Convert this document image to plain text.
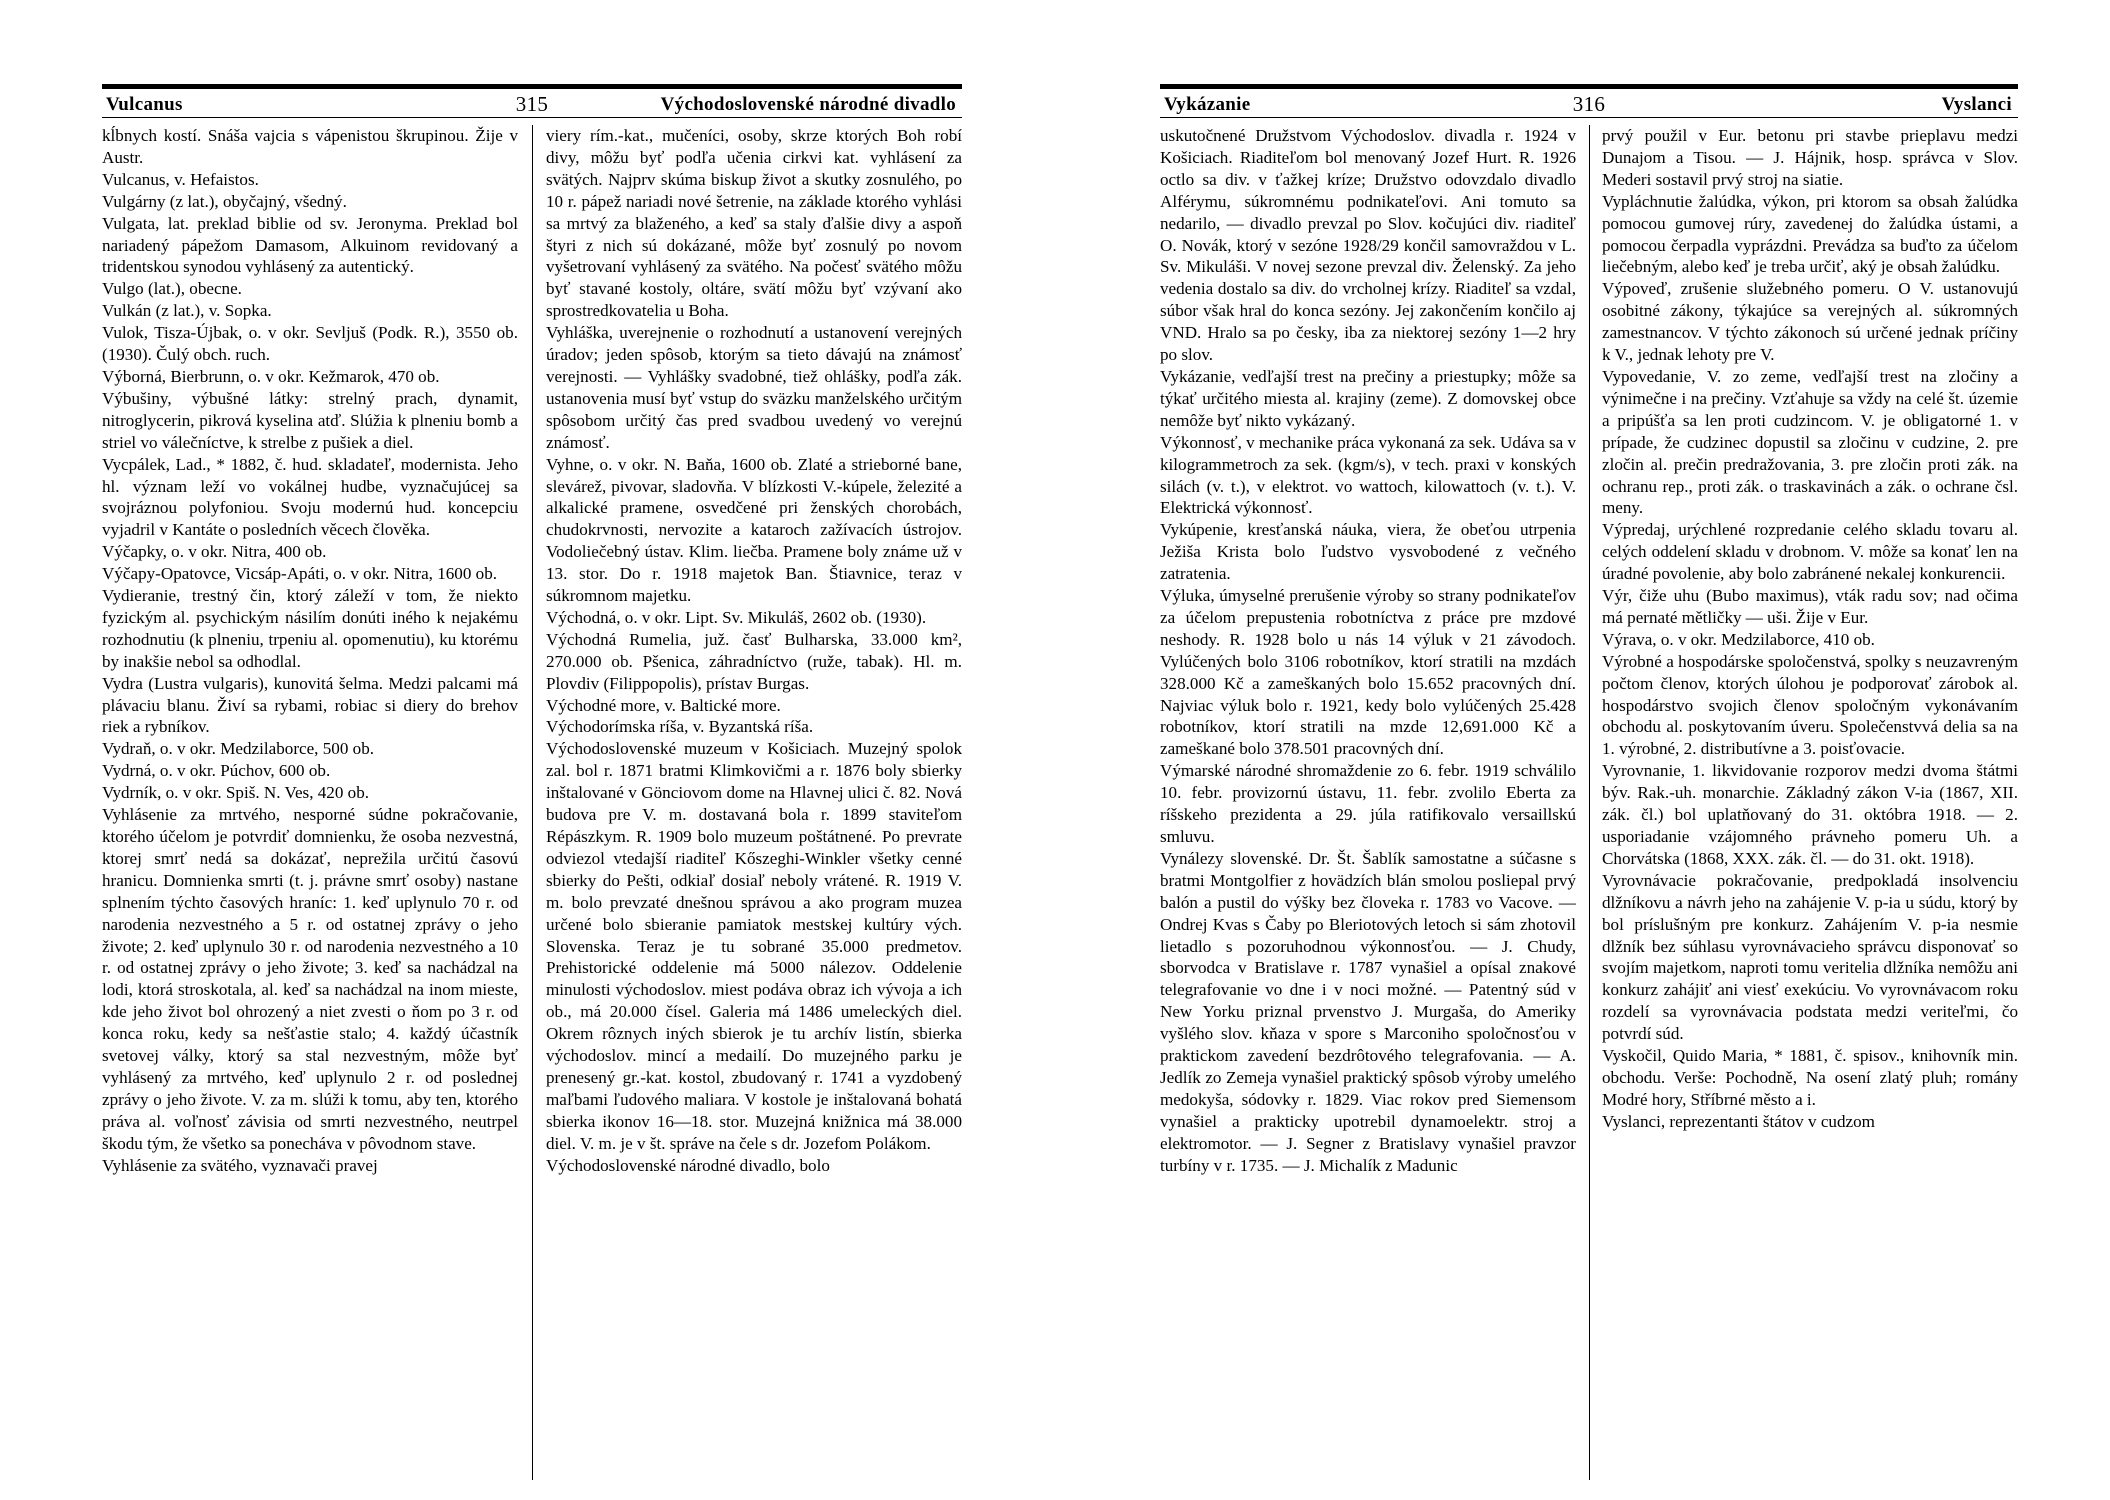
Vulcanus	315	Východoslovenské národné divadlo

kĺbnych kostí. Snáša vajcia s vápenistou škrupinou. Žije v Austr.

Vulcanus, v. Hefaistos.

Vulgárny (z lat.), obyčajný, všedný.

Vulgata, lat. preklad biblie od sv. Jeronyma. Preklad bol nariadený pápežom Damasom, Alkuinom revidovaný a tridentskou synodou vyhlásený za autentický.

Vulgo (lat.), obecne.

Vulkán (z lat.), v. Sopka.

Vulok, Tisza-Újbak, o. v okr. Sevljuš (Podk. R.), 3550 ob. (1930). Čulý obch. ruch.

Výborná, Bierbrunn, o. v okr. Kežmarok, 470 ob.

Výbušiny, výbušné látky: strelný prach, dynamit, nitroglycerin, pikrová kyselina atď. Slúžia k plneniu bomb a striel vo válečníctve, k strelbe z pušiek a diel.

Vycpálek, Lad., * 1882, č. hud. skladateľ, modernista. Jeho hl. význam leží vo vokálnej hudbe, vyznačujúcej sa svojráznou polyfoniou. Svoju modernú hud. koncepciu vyjadril v Kantáte o posledních věcech člověka.

Výčapky, o. v okr. Nitra, 400 ob.

Výčapy-Opatovce, Vicsáp-Apáti, o. v okr. Nitra, 1600 ob.

Vydieranie, trestný čin, ktorý záleží v tom, že niekto fyzickým al. psychickým násilím donúti iného k nejakému rozhodnutiu (k plneniu, trpeniu al. opomenutiu), ku ktorému by inakšie nebol sa odhodlal.

Vydra (Lustra vulgaris), kunovitá šelma. Medzi palcami má plávaciu blanu. Živí sa rybami, robiac si diery do brehov riek a rybníkov.

Vydraň, o. v okr. Medzilaborce, 500 ob.

Vydrná, o. v okr. Púchov, 600 ob.

Vydrník, o. v okr. Spiš. N. Ves, 420 ob.

Vyhlásenie za mrtvého, nesporné súdne pokračovanie, ktorého účelom je potvrdiť domnienku, že osoba nezvestná, ktorej smrť nedá sa dokázať, neprežila určitú časovú hranicu. Domnienka smrti (t. j. právne smrť osoby) nastane splnením týchto časových hraníc: 1. keď uplynulo 70 r. od narodenia nezvestného a 5 r. od ostatnej zprávy o jeho živote; 2. keď uplynulo 30 r. od narodenia nezvestného a 10 r. od ostatnej zprávy o jeho živote; 3. keď sa nachádzal na lodi, ktorá stroskotala, al. keď sa nachádzal na inom mieste, kde jeho život bol ohrozený a niet zvesti o ňom po 3 r. od konca roku, kedy sa nešťastie stalo; 4. každý účastník svetovej války, ktorý sa stal nezvestným, môže byť vyhlásený za mrtvého, keď uplynulo 2 r. od poslednej zprávy o jeho živote. V. za m. slúži k tomu, aby ten, ktorého práva al. voľnosť závisia od smrti nezvestného, neutrpel škodu tým, že všetko sa ponecháva v pôvodnom stave.

Vyhlásenie za svätého, vyznavači pravej

viery rím.-kat., mučeníci, osoby, skrze ktorých Boh robí divy, môžu byť podľa učenia cirkvi kat. vyhlásení za svätých. Najprv skúma biskup život a skutky zosnulého, po 10 r. pápež nariadi nové šetrenie, na základe ktorého vyhlási sa mrtvý za blaženého, a keď sa staly ďalšie divy a aspoň štyri z nich sú dokázané, môže byť zosnulý po novom vyšetrovaní vyhlásený za svätého. Na počesť svätého môžu byť stavané kostoly, oltáre, svätí môžu byť vzývaní ako sprostredkovatelia u Boha.

Vyhláška, uverejnenie o rozhodnutí a ustanovení verejných úradov; jeden spôsob, ktorým sa tieto dávajú na známosť verejnosti. — Vyhlášky svadobné, tiež ohlášky, podľa zák. ustanovenia musí byť vstup do sväzku manželského určitým spôsobom určitý čas pred svadbou uvedený vo verejnú známosť.

Vyhne, o. v okr. N. Baňa, 1600 ob. Zlaté a strieborné bane, slevárež, pivovar, sladovňa. V blízkosti V.-kúpele, železité a alkalické pramene, osvedčené pri ženských chorobách, chudokrvnosti, nervozite a kataroch zažívacích ústrojov. Vodoliečebný ústav. Klim. liečba. Pramene boly známe už v 13. stor. Do r. 1918 majetok Ban. Štiavnice, teraz v súkromnom majetku.

Východná, o. v okr. Lipt. Sv. Mikuláš, 2602 ob. (1930).

Východná Rumelia, juž. časť Bulharska, 33.000 km², 270.000 ob. Pšenica, záhradníctvo (ruže, tabak). Hl. m. Plovdiv (Filippopolis), prístav Burgas.

Východné more, v. Baltické more.

Východorímska ríša, v. Byzantská ríša.

Východoslovenské muzeum v Košiciach. Muzejný spolok zal. bol r. 1871 bratmi Klimkovičmi a r. 1876 boly sbierky inštalované v Gönciovom dome na Hlavnej ulici č. 82. Nová budova pre V. m. dostavaná bola r. 1899 staviteľom Répászkym. R. 1909 bolo muzeum poštátnené. Po prevrate odviezol vtedajší riaditeľ Kőszeghi-Winkler všetky cenné sbierky do Pešti, odkiaľ dosiaľ neboly vrátené. R. 1919 V. m. bolo prevzaté dnešnou správou a ako program muzea určené bolo sbieranie pamiatok mestskej kultúry vých. Slovenska. Teraz je tu sobrané 35.000 predmetov. Prehistorické oddelenie má 5000 nálezov. Oddelenie minulosti východoslov. miest podáva obraz ich vývoja a ich ob., má 20.000 čísel. Galeria má 1486 umeleckých diel. Okrem rôznych iných sbierok je tu archív listín, sbierka východoslov. mincí a medailí. Do muzejného parku je prenesený gr.-kat. kostol, zbudovaný r. 1741 a vyzdobený maľbami ľudového maliara. V kostole je inštalovaná bohatá sbierka ikonov 16—18. stor. Muzejná knižnica má 38.000 diel. V. m. je v št. správe na čele s dr. Jozefom Polákom.

Východoslovenské národné divadlo, bolo

Vykázanie	316	Vyslanci

uskutočnené Družstvom Východoslov. divadla r. 1924 v Košiciach. Riaditeľom bol menovaný Jozef Hurt. R. 1926 octlo sa div. v ťažkej kríze; Družstvo odovzdalo divadlo Alférymu, súkromnému podnikateľovi. Ani tomuto sa nedarilo, — divadlo prevzal po Slov. kočujúci div. riaditeľ O. Novák, ktorý v sezóne 1928/29 končil samovraždou v L. Sv. Mikuláši. V novej sezone prevzal div. Želenský. Za jeho vedenia dostalo sa div. do vrcholnej krízy. Riaditeľ sa vzdal, súbor však hral do konca sezóny. Jej zakončením končilo aj VND. Hralo sa po česky, iba za niektorej sezóny 1—2 hry po slov.

Vykázanie, vedľajší trest na prečiny a priestupky; môže sa týkať určitého miesta al. krajiny (zeme). Z domovskej obce nemôže byť nikto vykázaný.

Výkonnosť, v mechanike práca vykonaná za sek. Udáva sa v kilogrammetroch za sek. (kgm/s), v tech. praxi v konských silách (v. t.), v elektrot. vo wattoch, kilowattoch (v. t.). V. Elektrická výkonnosť.

Vykúpenie, kresťanská náuka, viera, že obeťou utrpenia Ježiša Krista bolo ľudstvo vysvobodené z večného zatratenia.

Výluka, úmyselné prerušenie výroby so strany podnikateľov za účelom prepustenia robotníctva z práce pre mzdové neshody. R. 1928 bolo u nás 14 výluk v 21 závodoch. Vylúčených bolo 3106 robotníkov, ktorí stratili na mzdách 328.000 Kč a zameškaných bolo 15.652 pracovných dní. Najviac výluk bolo r. 1921, kedy bolo vylúčených 25.428 robotníkov, ktorí stratili na mzde 12,691.000 Kč a zameškané bolo 378.501 pracovných dní.

Výmarské národné shromaždenie zo 6. febr. 1919 schválilo 10. febr. provizornú ústavu, 11. febr. zvolilo Eberta za ríšskeho prezidenta a 29. júla ratifikovalo versaillskú smluvu.

Vynálezy slovenské. Dr. Št. Šablík samostatne a súčasne s bratmi Montgolfier z hovädzích blán smolou posliepal prvý balón a pustil do výšky bez človeka r. 1783 vo Vacove. — Ondrej Kvas s Čaby po Bleriotových letoch si sám zhotovil lietadlo s pozoruhodnou výkonnosťou. — J. Chudy, sborvodca v Bratislave r. 1787 vynašiel a opísal znakové telegrafovanie vo dne i v noci možné. — Patentný súd v New Yorku priznal prvenstvo J. Murgaša, do Ameriky vyšlého slov. kňaza v spore s Marconiho spoločnosťou v praktickom zavedení bezdrôtového telegrafovania. — A. Jedlík zo Zemeja vynašiel praktický spôsob výroby umelého medokyša, sódovky r. 1829. Viac rokov pred Siemensom vynašiel a prakticky upotrebil dynamoelektr. stroj a elektromotor. — J. Segner z Bratislavy vynašiel pravzor turbíny v r. 1735. — J. Michalík z Madunic

prvý použil v Eur. betonu pri stavbe prieplavu medzi Dunajom a Tisou. — J. Hájnik, hosp. správca v Slov. Mederi sostavil prvý stroj na siatie.

Vypláchnutie žalúdka, výkon, pri ktorom sa obsah žalúdka pomocou gumovej rúry, zavedenej do žalúdka ústami, a pomocou čerpadla vyprázdni. Prevádza sa buďto za účelom liečebným, alebo keď je treba určiť, aký je obsah žalúdku.

Výpoveď, zrušenie služebného pomeru. O V. ustanovujú osobitné zákony, týkajúce sa verejných al. súkromných zamestnancov. V týchto zákonoch sú určené jednak príčiny k V., jednak lehoty pre V.

Vypovedanie, V. zo zeme, vedľajší trest na zločiny a výnimečne i na prečiny. Vzťahuje sa vždy na celé št. územie a pripúšťa sa len proti cudzincom. V. je obligatorné 1. v prípade, že cudzinec dopustil sa zločinu v cudzine, 2. pre zločin al. prečin predražovania, 3. pre zločin proti zák. na ochranu rep., proti zák. o traskavinách a zák. o ochrane čsl. meny.

Výpredaj, urýchlené rozpredanie celého skladu tovaru al. celých oddelení skladu v drobnom. V. môže sa konať len na úradné povolenie, aby bolo zabránené nekalej konkurencii.

Výr, čiže uhu (Bubo maximus), vták radu sov; nad očima má pernaté mětličky — uši. Žije v Eur.

Výrava, o. v okr. Medzilaborce, 410 ob.

Výrobné a hospodárske spoločenstvá, spolky s neuzavreným počtom členov, ktorých úlohou je podporovať zárobok al. hospodárstvo svojich členov spoločným vykonávaním obchodu al. poskytovaním úveru. Společenstvvá delia sa na 1. výrobné, 2. distributívne a 3. poisťovacie.

Vyrovnanie, 1. likvidovanie rozporov medzi dvoma štátmi býv. Rak.-uh. monarchie. Základný zákon V-ia (1867, XII. zák. čl.) bol uplatňovaný do 31. októbra 1918. — 2. usporiadanie vzájomného právneho pomeru Uh. a Chorvátska (1868, XXX. zák. čl. — do 31. okt. 1918).

Vyrovnávacie pokračovanie, predpokladá insolvenciu dlžníkovu a návrh jeho na zahájenie V. p-ia u súdu, ktorý by bol príslušným pre konkurz. Zahájením V. p-ia nesmie dlžník bez súhlasu vyrovnávacieho správcu disponovať so svojím majetkom, naproti tomu veritelia dlžníka nemôžu ani konkurz zahájiť ani viesť exekúciu. Vo vyrovnávacom roku rozdelí sa vyrovnávacia podstata medzi veriteľmi, čo potvrdí súd.

Vyskočil, Quido Maria, * 1881, č. spisov., knihovník min. obchodu. Verše: Pochodně, Na osení zlatý pluh; romány Modré hory, Stříbrné město a i.

Vyslanci, reprezentanti štátov v cudzom
